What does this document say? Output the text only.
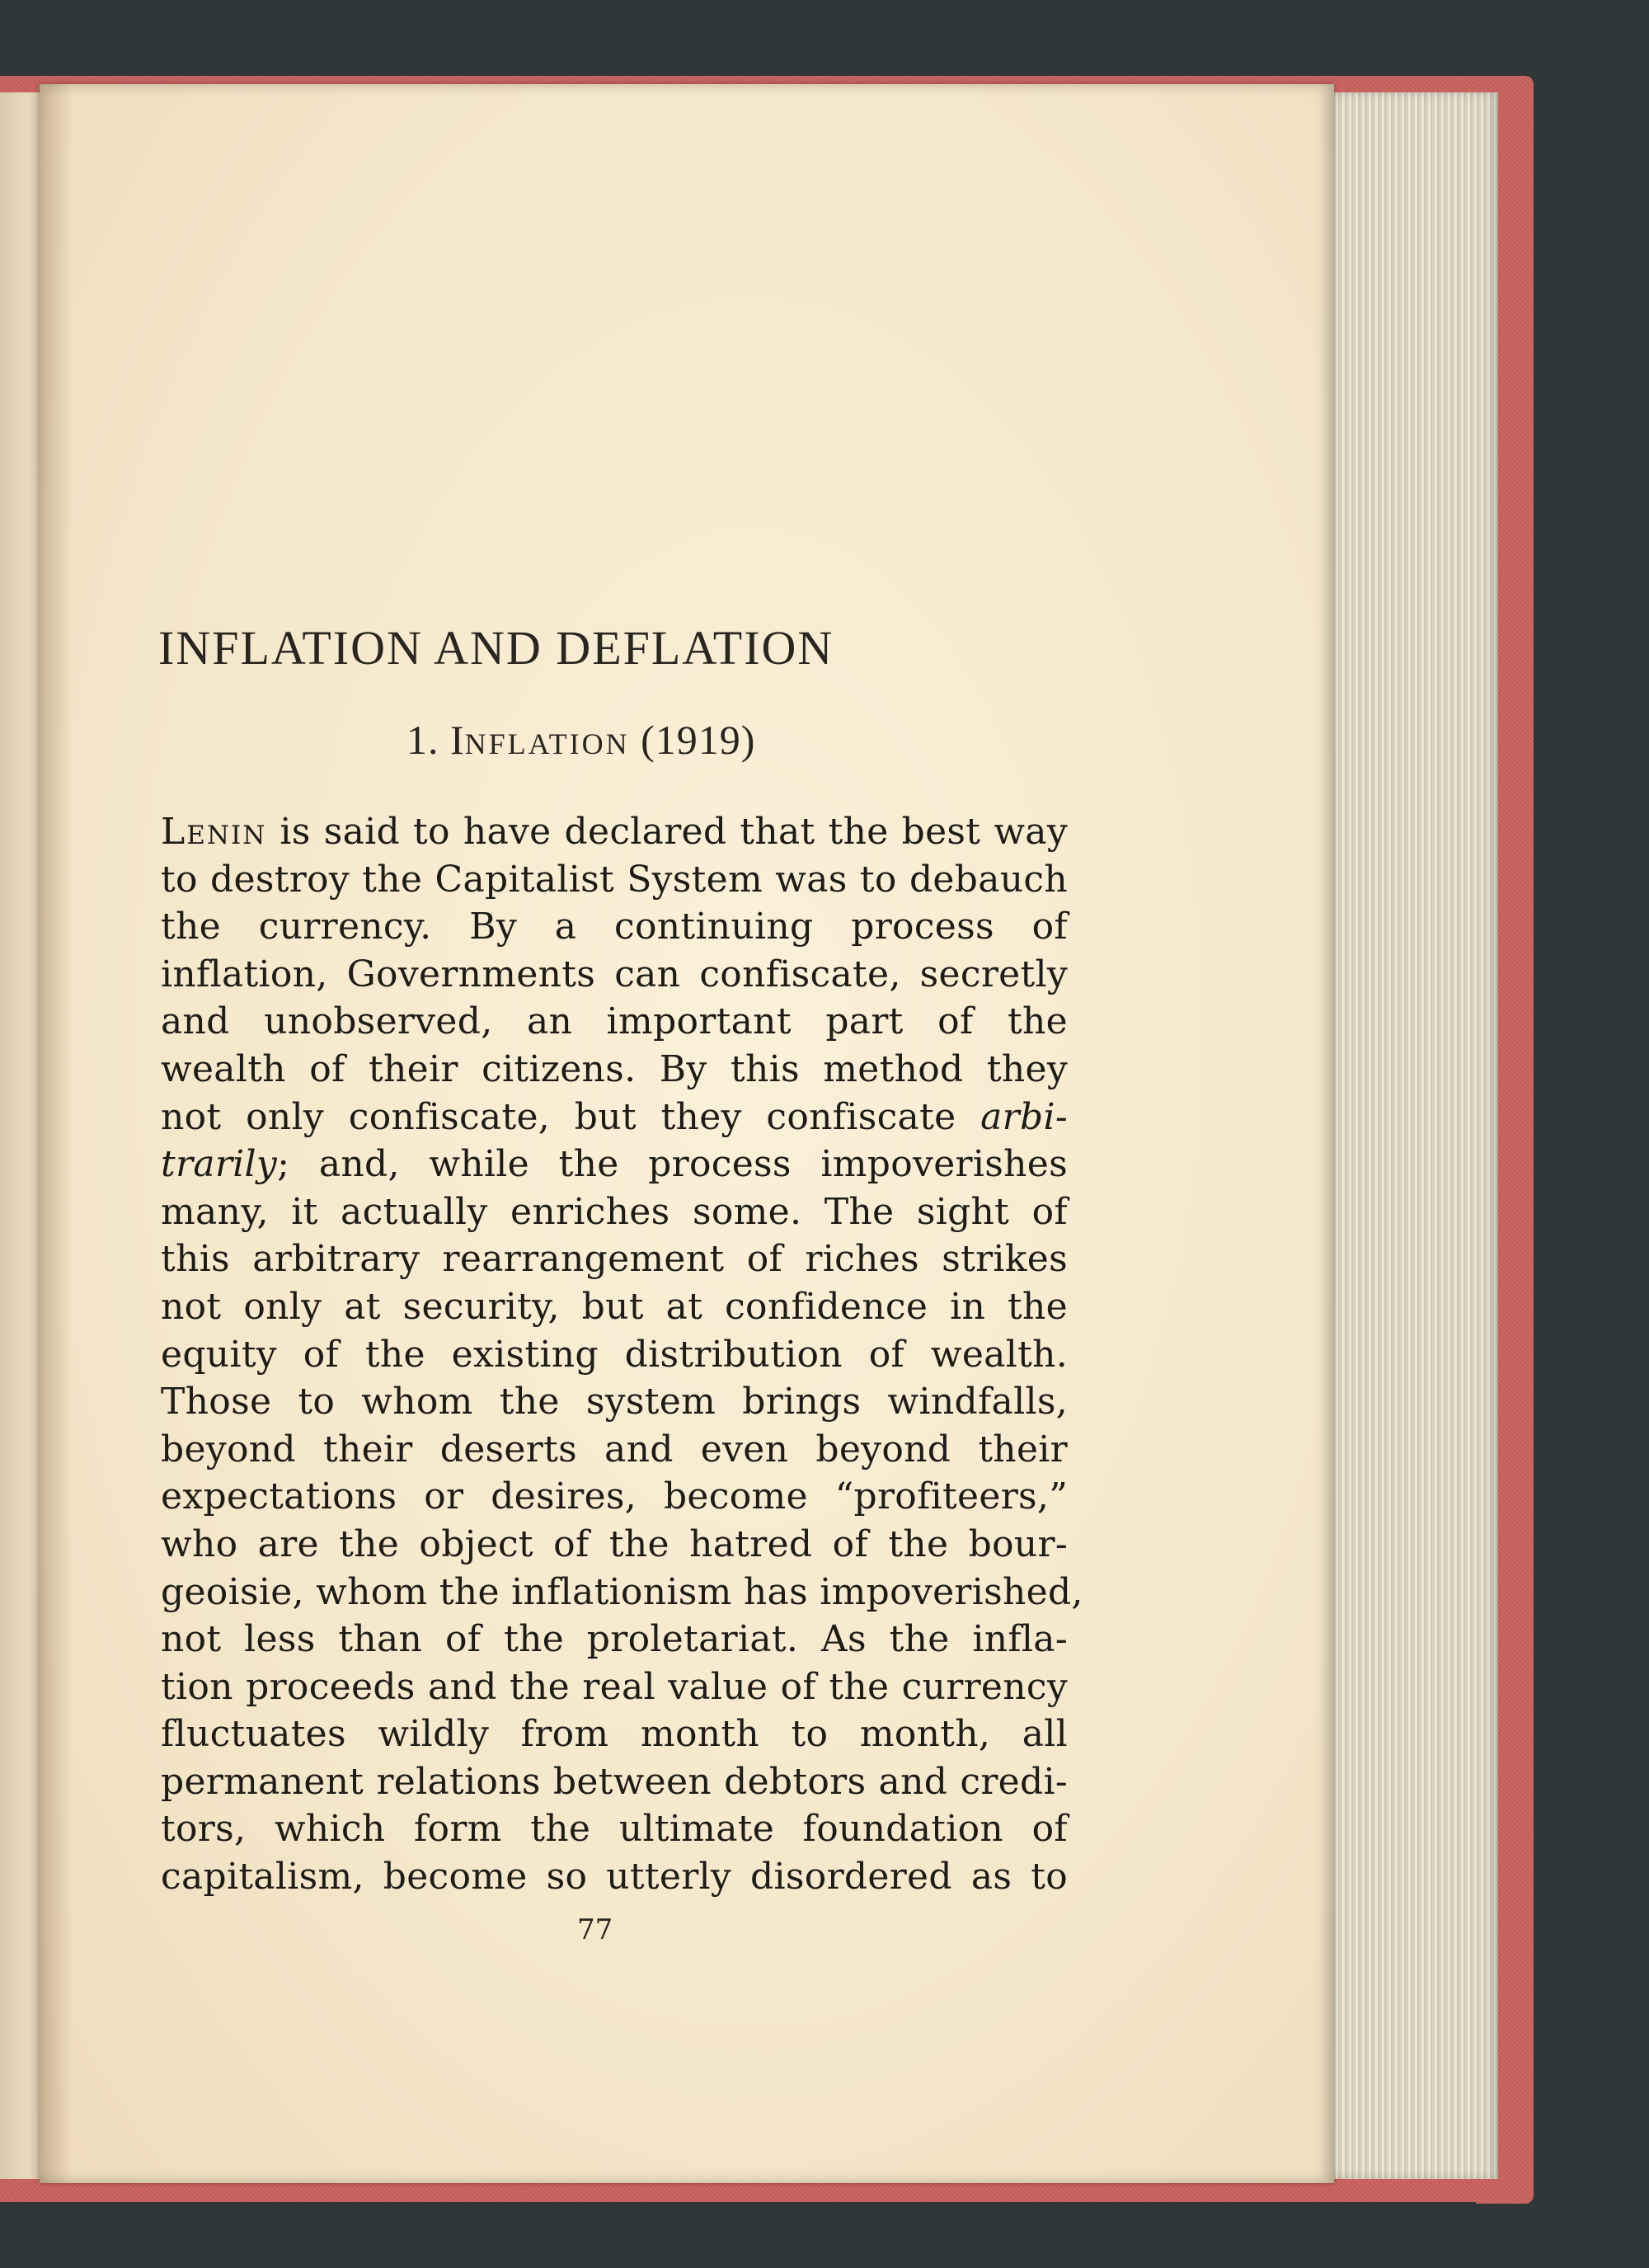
INFLATION AND DEFLATION
1. INFLATION (1919)
Lenin is said to have declared that the best way
to destroy the Capitalist System was to debauch
the currency. By a continuing process of
inflation, Governments can confiscate, secretly
and unobserved, an important part of the
wealth of their citizens. By this method they
not only confiscate, but they confiscate arbi-
trarily; and, while the process impoverishes
many, it actually enriches some. The sight of
this arbitrary rearrangement of riches strikes
not only at security, but at confidence in the
equity of the existing distribution of wealth.
Those to whom the system brings windfalls,
beyond their deserts and even beyond their
expectations or desires, become “profiteers,”
who are the object of the hatred of the bour-
geoisie, whom the inflationism has impoverished,
not less than of the proletariat. As the infla-
tion proceeds and the real value of the currency
fluctuates wildly from month to month, all
permanent relations between debtors and credi-
tors, which form the ultimate foundation of
capitalism, become so utterly disordered as to
77
